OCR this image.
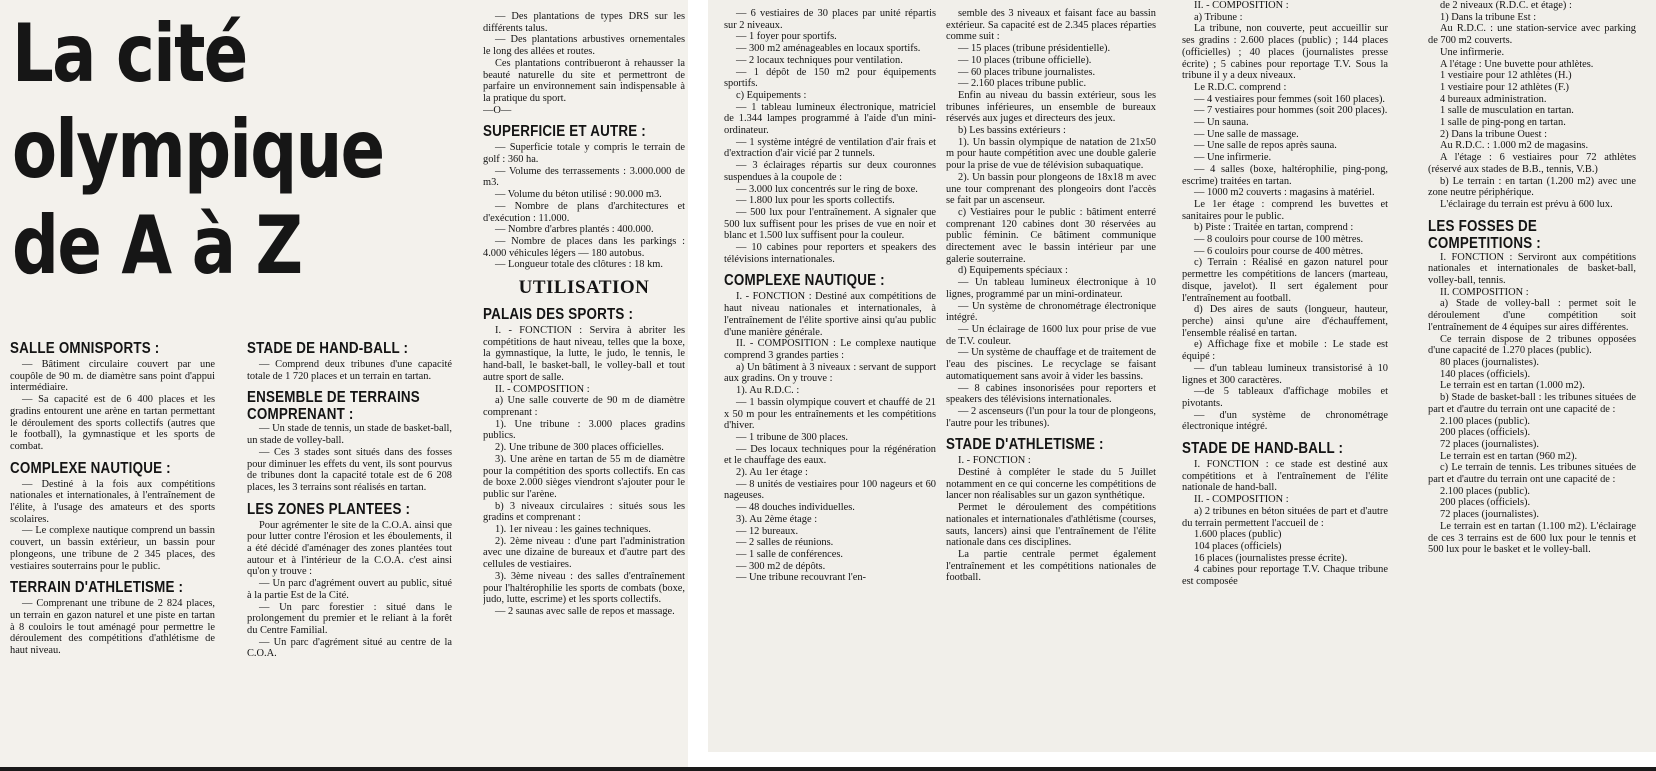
La cité
olympique
de A à Z
SALLE OMNISPORTS :

— Bâtiment circulaire couvert par une coupôle de 90 m. de diamètre sans point d'appui intermédiaire.

— Sa capacité est de 6 400 places et les gradins entourent une arène en tartan permettant le déroulement des sports collectifs (autres que le football), la gymnastique et les sports de combat.

COMPLEXE NAUTIQUE :

— Destiné à la fois aux compétitions nationales et internationales, à l'entraînement de l'élite, à l'usage des amateurs et des sports scolaires.

— Le complexe nautique comprend un bassin couvert, un bassin extérieur, un bassin pour plongeons, une tribune de 2 345 places, des vestiaires souterrains pour le public.

TERRAIN D'ATHLETISME :

— Comprenant une tribune de 2 824 places, un terrain en gazon naturel et une piste en tartan à 8 couloirs le tout aménagé pour permettre le déroulement des compétitions d'athlétisme de haut niveau.

STADE DE HAND-BALL :

— Comprend deux tribunes d'une capacité totale de 1 720 places et un terrain en tartan.

ENSEMBLE DE TERRAINS COMPRENANT :

— Un stade de tennis, un stade de basket-ball, un stade de volley-ball.

— Ces 3 stades sont situés dans des fosses pour diminuer les effets du vent, ils sont pourvus de tribunes dont la capacité totale est de 6 208 places, les 3 terrains sont réalisés en tartan.

LES ZONES PLANTEES :

Pour agrémenter le site de la C.O.A. ainsi que pour lutter contre l'érosion et les éboulements, il a été décidé d'aménager des zones plantées tout autour et à l'intérieur de la C.O.A. c'est ainsi qu'on y trouve :

— Un parc d'agrément ouvert au public, situé à la partie Est de la Cité.

— Un parc forestier : situé dans le prolongement du premier et le reliant à la forêt du Centre Familial.

— Un parc d'agrément situé au centre de la C.O.A.

— Des plantations de types DRS sur les différents talus.

— Des plantations arbustives ornementales le long des allées et routes.

Ces plantations contribueront à rehausser la beauté naturelle du site et permettront de parfaire un environnement sain indispensable à la pratique du sport.

—O—

SUPERFICIE ET AUTRE :

— Superficie totale y compris le terrain de golf : 360 ha.

— Volume des terrassements : 3.000.000 de m3.

— Volume du béton utilisé : 90.000 m3.

— Nombre de plans d'architectures et d'exécution : 11.000.

— Nombre d'arbres plantés : 400.000.

— Nombre de places dans les parkings : 4.000 véhicules légers — 180 autobus.

— Longueur totale des clôtures : 18 km.

UTILISATION
PALAIS DES SPORTS :

I. - FONCTION : Servira à abriter les compétitions de haut niveau, telles que la boxe, la gymnastique, la lutte, le judo, le tennis, le hand-ball, le basket-ball, le volley-ball et tout autre sport de salle.

II. - COMPOSITION :

a) Une salle couverte de 90 m de diamètre comprenant :

1). Une tribune : 3.000 places gradins publics.

2). Une tribune de 300 places officielles.

3). Une arène en tartan de 55 m de diamètre pour la compétition des sports collectifs. En cas de boxe 2.000 sièges viendront s'ajouter pour le public sur l'arène.

b) 3 niveaux circulaires : situés sous les gradins et comprenant :

1). 1er niveau : les gaines techniques.

2). 2ème niveau : d'une part l'administration avec une dizaine de bureaux et d'autre part des cellules de vestiaires.

3). 3ème niveau : des salles d'entraînement pour l'haltérophilie les sports de combats (boxe, judo, lutte, escrime) et les sports collectifs.

— 2 saunas avec salle de repos et massage.

— 6 vestiaires de 30 places par unité répartis sur 2 niveaux.

— 1 foyer pour sportifs.

— 300 m2 aménageables en locaux sportifs.

— 2 locaux techniques pour ventilation.

— 1 dépôt de 150 m2 pour équipements sportifs.

c) Equipements :

— 1 tableau lumineux électronique, matriciel de 1.344 lampes programmé à l'aide d'un mini-ordinateur.

— 1 système intégré de ventilation d'air frais et d'extraction d'air vicié par 2 tunnels.

— 3 éclairages répartis sur deux couronnes suspendues à la coupole de :

— 3.000 lux concentrés sur le ring de boxe.

— 1.800 lux pour les sports collectifs.

— 500 lux pour l'entraînement. A signaler que 500 lux suffisent pour les prises de vue en noir et blanc et 1.500 lux suffisent pour la couleur.

— 10 cabines pour reporters et speakers des télévisions internationales.

COMPLEXE NAUTIQUE :

I. - FONCTION : Destiné aux compétitions de haut niveau nationales et internationales, à l'entraînement de l'élite sportive ainsi qu'au public d'une manière générale.

II. - COMPOSITION : Le complexe nautique comprend 3 grandes parties :

a) Un bâtiment à 3 niveaux : servant de support aux gradins. On y trouve :

1). Au R.D.C. :

— 1 bassin olympique couvert et chauffé de 21 x 50 m pour les entraînements et les compétitions d'hiver.

— 1 tribune de 300 places.

— Des locaux techniques pour la régénération et le chauffage des eaux.

2). Au 1er étage :

— 8 unités de vestiaires pour 100 nageurs et 60 nageuses.

— 48 douches individuelles.

3). Au 2ème étage :

— 12 bureaux.

— 2 salles de réunions.

— 1 salle de conférences.

— 300 m2 de dépôts.

— Une tribune recouvrant l'en-

semble des 3 niveaux et faisant face au bassin extérieur. Sa capacité est de 2.345 places réparties comme suit :

— 15 places (tribune présidentielle).

— 10 places (tribune officielle).

— 60 places tribune journalistes.

— 2.160 places tribune public.

Enfin au niveau du bassin extérieur, sous les tribunes inférieures, un ensemble de bureaux réservés aux juges et directeurs des jeux.

b) Les bassins extérieurs :

1). Un bassin olympique de natation de 21x50 m pour haute compétition avec une double galerie pour la prise de vue de télévision subaquatique.

2). Un bassin pour plongeons de 18x18 m avec une tour comprenant des plongeoirs dont l'accès se fait par un ascenseur.

c) Vestiaires pour le public : bâtiment enterré comprenant 120 cabines dont 30 réservées au public féminin. Ce bâtiment communique directement avec le bassin intérieur par une galerie souterraine.

d) Equipements spéciaux :

— Un tableau lumineux électronique à 10 lignes, programmé par un mini-ordinateur.

— Un système de chronométrage électronique intégré.

— Un éclairage de 1600 lux pour prise de vue de T.V. couleur.

— Un système de chauffage et de traitement de l'eau des piscines. Le recyclage se faisant automatiquement sans avoir à vider les bassins.

— 8 cabines insonorisées pour reporters et speakers des télévisions internationales.

— 2 ascenseurs (l'un pour la tour de plongeons, l'autre pour les tribunes).

STADE D'ATHLETISME :

I. - FONCTION :

Destiné à compléter le stade du 5 Juillet notamment en ce qui concerne les compétitions de lancer non réalisables sur un gazon synthétique.

Permet le déroulement des compétitions nationales et internationales d'athlétisme (courses, sauts, lancers) ainsi que l'entraînement de l'élite nationale dans ces disciplines.

La partie centrale permet également l'entraînement et les compétitions nationales de football.

II. - COMPOSITION :

a) Tribune :

La tribune, non couverte, peut accueillir sur ses gradins : 2.600 places (public) ; 144 places (officielles) ; 40 places (journalistes presse écrite) ; 5 cabines pour reportage T.V. Sous la tribune il y a deux niveaux.

Le R.D.C. comprend :

— 4 vestiaires pour femmes (soit 160 places).

— 7 vestiaires pour hommes (soit 200 places).

— Un sauna.

— Une salle de massage.

— Une salle de repos après sauna.

— Une infirmerie.

— 4 salles (boxe, haltérophilie, ping-pong, escrime) traitées en tartan.

— 1000 m2 couverts : magasins à matériel.

Le 1er étage : comprend les buvettes et sanitaires pour le public.

b) Piste : Traitée en tartan, comprend :

— 8 couloirs pour course de 100 mètres.

— 6 couloirs pour course de 400 mètres.

c) Terrain : Réalisé en gazon naturel pour permettre les compétitions de lancers (marteau, disque, javelot). Il sert également pour l'entraînement au football.

d) Des aires de sauts (longueur, hauteur, perche) ainsi qu'une aire d'échauffement, l'ensemble réalisé en tartan.

e) Affichage fixe et mobile : Le stade est équipé :

— d'un tableau lumineux transistorisé à 10 lignes et 300 caractères.

—de 5 tableaux d'affichage mobiles et pivotants.

— d'un système de chronométrage électronique intégré.

STADE DE HAND-BALL :

I. FONCTION : ce stade est destiné aux compétitions et à l'entraînement de l'élite nationale de hand-ball.

II. - COMPOSITION :

a) 2 tribunes en béton situées de part et d'autre du terrain permettent l'accueil de :

1.600 places (public)

104 places (officiels)

16 places (journalistes presse écrite).

4 cabines pour reportage T.V. Chaque tribune est composée

de 2 niveaux (R.D.C. et étage) :

1) Dans la tribune Est :

Au R.D.C. : une station-service avec parking de 700 m2 couverts.

Une infirmerie.

A l'étage : Une buvette pour athlètes.

1 vestiaire pour 12 athlètes (H.)

1 vestiaire pour 12 athlètes (F.)

4 bureaux administration.

1 salle de musculation en tartan.

1 salle de ping-pong en tartan.

2) Dans la tribune Ouest :

Au R.D.C. : 1.000 m2 de magasins.

A l'étage : 6 vestiaires pour 72 athlètes (réservé aux stades de B.B., tennis, V.B.)

b) Le terrain : en tartan (1.200 m2) avec une zone neutre périphérique.

L'éclairage du terrain est prévu à 600 lux.

LES FOSSES DE COMPETITIONS :

I. FONCTION : Serviront aux compétitions nationales et internationales de basket-ball, volley-ball, tennis.

II. COMPOSITION :

a) Stade de volley-ball : permet soit le déroulement d'une compétition soit l'entraînement de 4 équipes sur aires différentes.

Ce terrain dispose de 2 tribunes opposées d'une capacité de 1.270 places (public).

80 places (journalistes).

140 places (officiels).

Le terrain est en tartan (1.000 m2).

b) Stade de basket-ball : les tribunes situées de part et d'autre du terrain ont une capacité de :

2.100 places (public).

200 places (officiels).

72 places (journalistes).

Le terrain est en tartan (960 m2).

c) Le terrain de tennis. Les tribunes situées de part et d'autre du terrain ont une capacité de :

2.100 places (public).

200 places (officiels).

72 places (journalistes).

Le terrain est en tartan (1.100 m2). L'éclairage de ces 3 terrains est de 600 lux pour le tennis et 500 lux pour le basket et le volley-ball.
